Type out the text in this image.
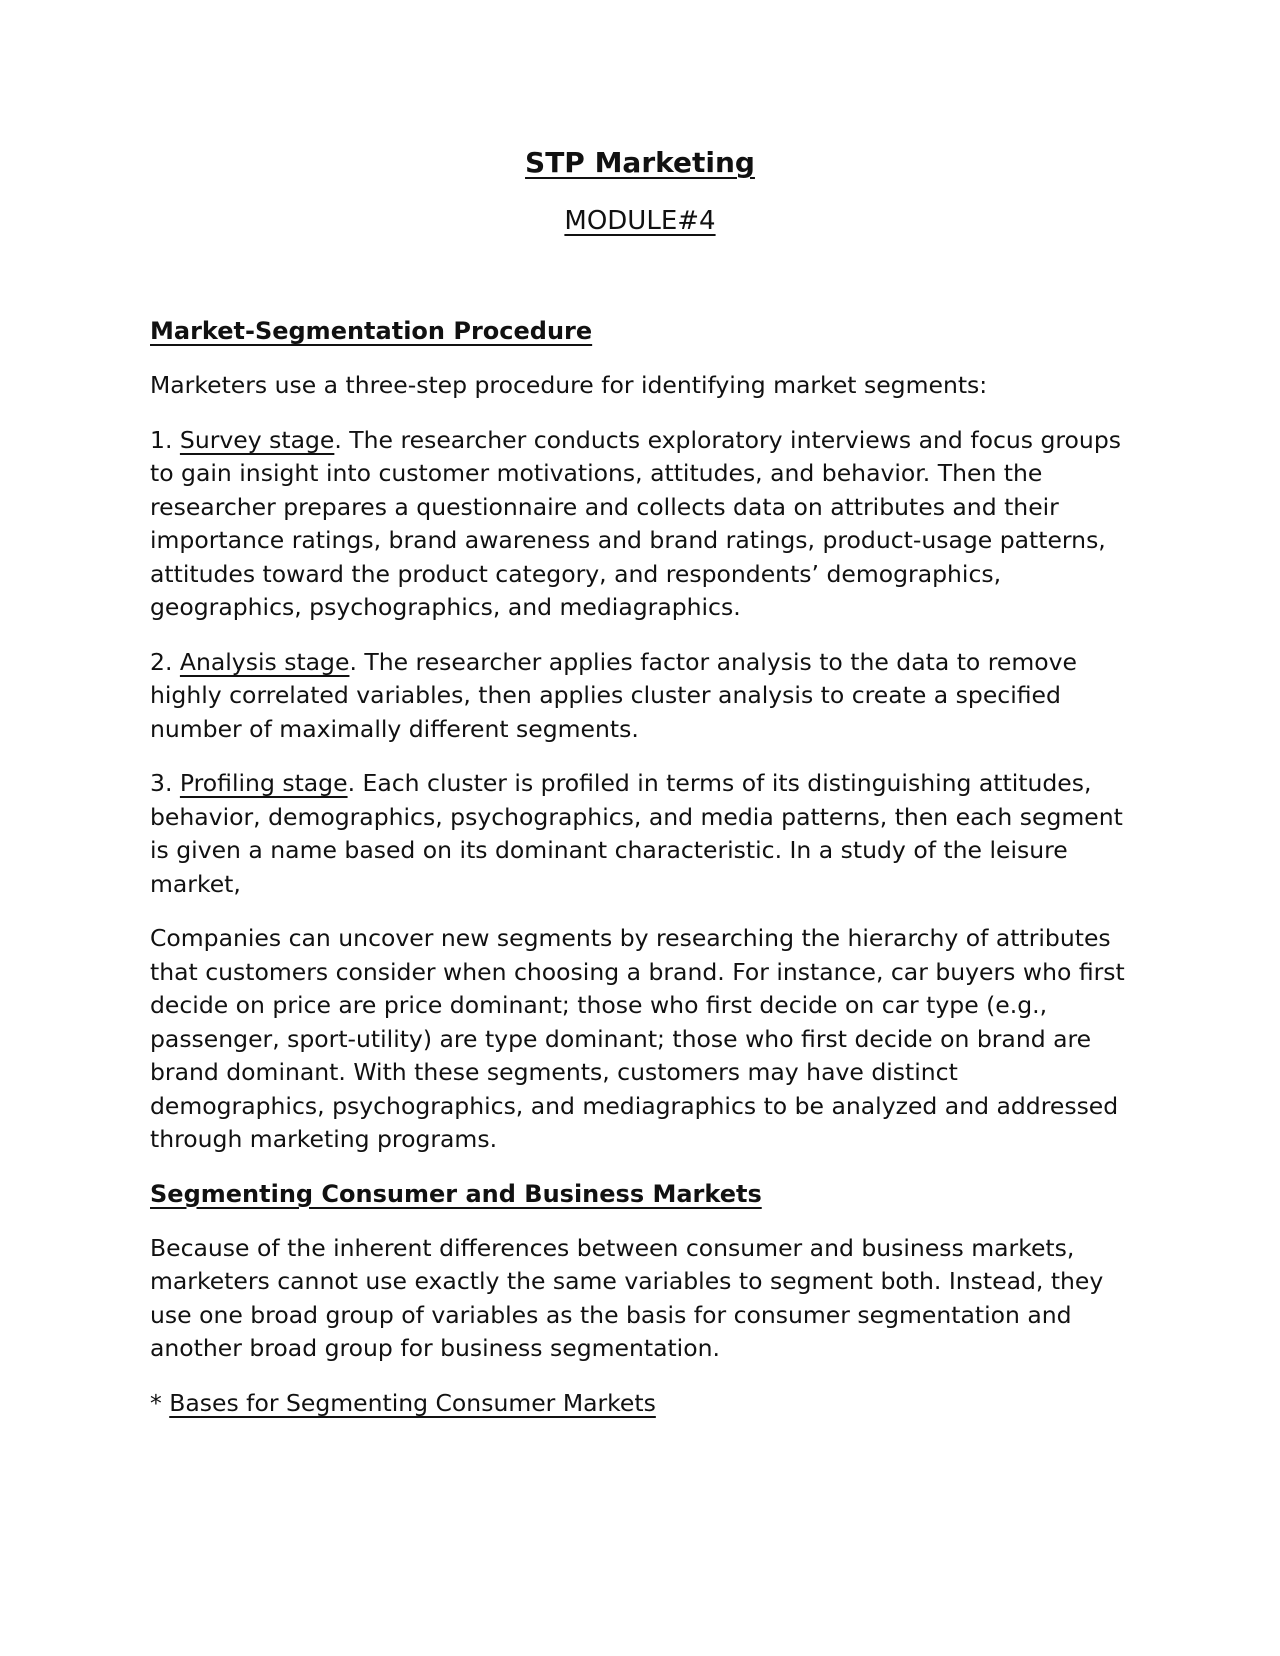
STP Marketing
MODULE#4
Market-Segmentation Procedure

Marketers use a three-step procedure for identifying market segments:

1. Survey stage. The researcher conducts exploratory interviews and focus groups to gain insight into customer motivations, attitudes, and behavior. Then the researcher prepares a questionnaire and collects data on attributes and their importance ratings, brand awareness and brand ratings, product-usage patterns, attitudes toward the product category, and respondents’ demographics, geographics, psychographics, and mediagraphics.

2. Analysis stage. The researcher applies factor analysis to the data to remove highly correlated variables, then applies cluster analysis to create a specified number of maximally different segments.

3. Profiling stage. Each cluster is profiled in terms of its distinguishing attitudes, behavior, demographics, psychographics, and media patterns, then each segment is given a name based on its dominant characteristic. In a study of the leisure market,

Companies can uncover new segments by researching the hierarchy of attributes that customers consider when choosing a brand. For instance, car buyers who first decide on price are price dominant; those who first decide on car type (e.g., passenger, sport-utility) are type dominant; those who first decide on brand are brand dominant. With these segments, customers may have distinct demographics, psychographics, and mediagraphics to be analyzed and addressed through marketing programs.

Segmenting Consumer and Business Markets

Because of the inherent differences between consumer and business markets, marketers cannot use exactly the same variables to segment both. Instead, they use one broad group of variables as the basis for consumer segmentation and another broad group for business segmentation.

* Bases for Segmenting Consumer Markets
